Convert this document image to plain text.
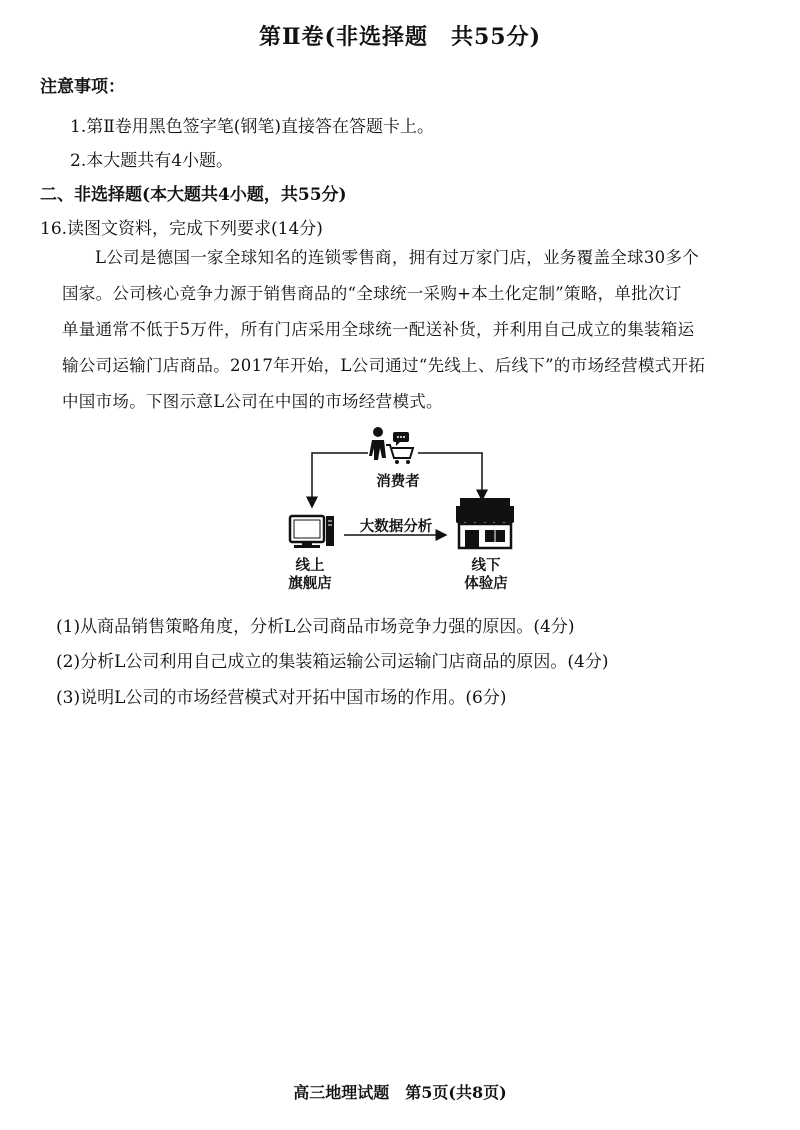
第Ⅱ卷(非选择题　共55分)
注意事项：
1.第Ⅱ卷用黑色签字笔(钢笔)直接答在答题卡上。
2.本大题共有4小题。
二、非选择题(本大题共4小题，共55分)
16.读图文资料，完成下列要求(14分)
L公司是德国一家全球知名的连锁零售商，拥有过万家门店，业务覆盖全球30多个
国家。公司核心竞争力源于销售商品的“全球统一采购+本土化定制”策略，单批次订
单量通常不低于5万件，所有门店采用全球统一配送补货，并利用自己成立的集装箱运
输公司运输门店商品。2017年开始，L公司通过“先线上、后线下”的市场经营模式开拓
中国市场。下图示意L公司在中国的市场经营模式。
消费者
大数据分析
线上
旗舰店
线下
体验店
(1)从商品销售策略角度，分析L公司商品市场竞争力强的原因。(4分)
(2)分析L公司利用自己成立的集装箱运输公司运输门店商品的原因。(4分)
(3)说明L公司的市场经营模式对开拓中国市场的作用。(6分)
高三地理试题　第5页(共8页)
